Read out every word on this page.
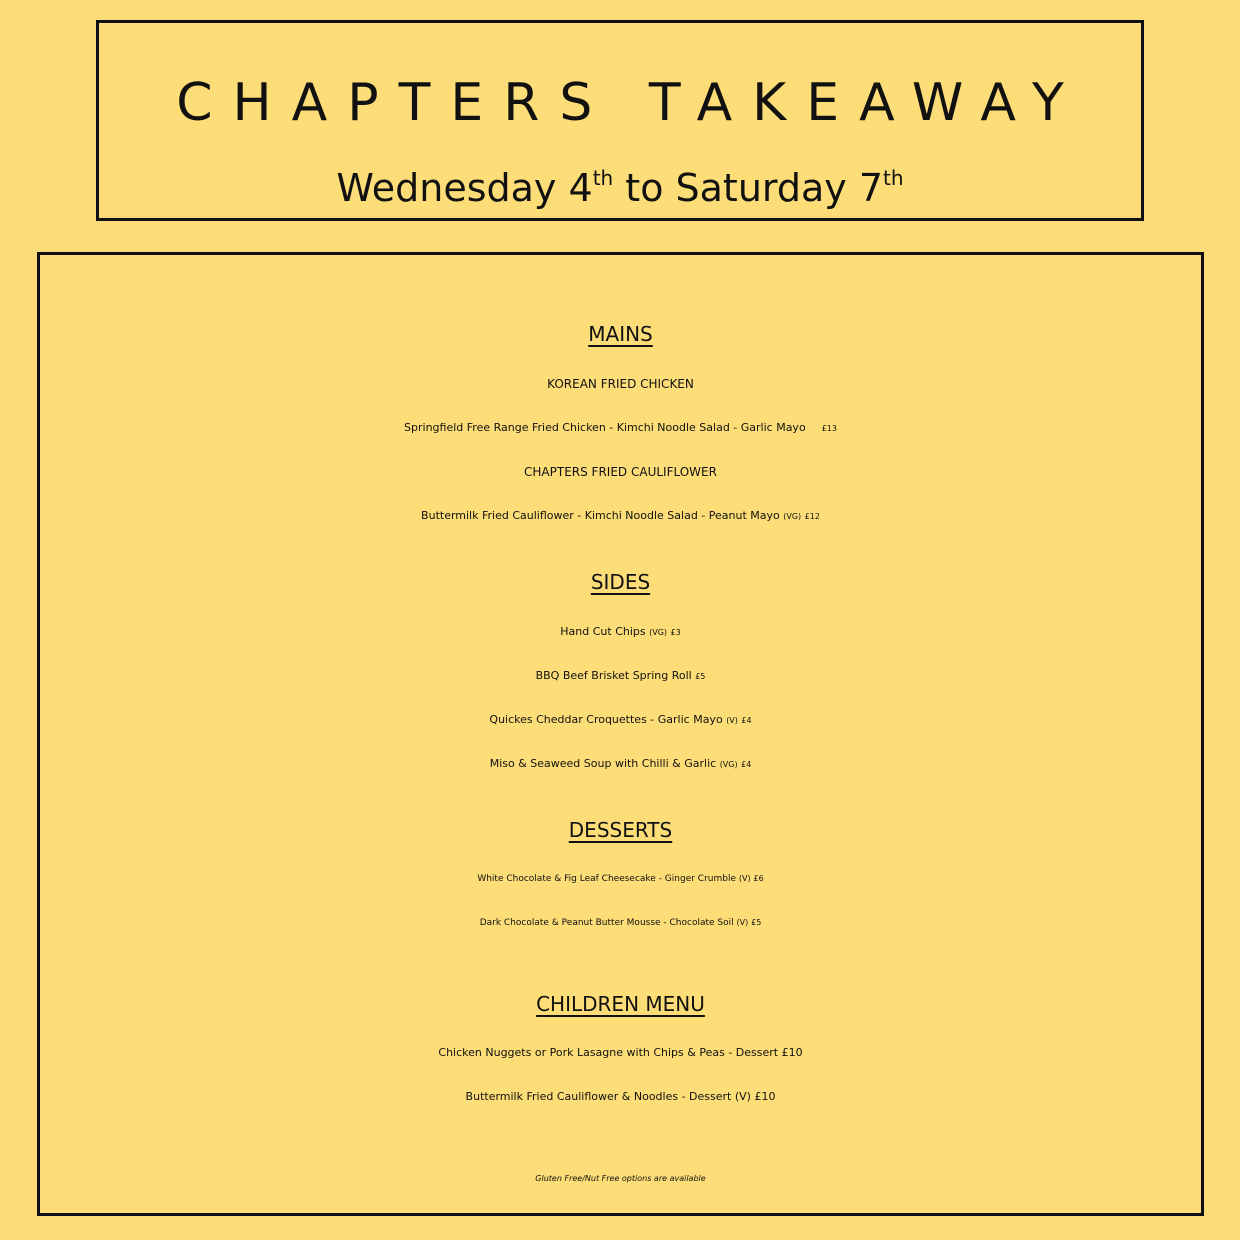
CHAPTERS TAKEAWAY
Wednesday 4th to Saturday 7th
MAINS
KOREAN FRIED CHICKEN
Springfield Free Range Fried Chicken - Kimchi Noodle Salad - Garlic Mayo £13
CHAPTERS FRIED CAULIFLOWER
Buttermilk Fried Cauliflower - Kimchi Noodle Salad - Peanut Mayo (VG) £12
SIDES
Hand Cut Chips (VG) £3
BBQ Beef Brisket Spring Roll £5
Quickes Cheddar Croquettes - Garlic Mayo (V) £4
Miso & Seaweed Soup with Chilli & Garlic (VG) £4
DESSERTS
White Chocolate & Fig Leaf Cheesecake - Ginger Crumble (V) £6
Dark Chocolate & Peanut Butter Mousse - Chocolate Soil (V) £5
CHILDREN MENU
Chicken Nuggets or Pork Lasagne with Chips & Peas - Dessert £10
Buttermilk Fried Cauliflower & Noodles - Dessert (V) £10
Gluten Free/Nut Free options are available
